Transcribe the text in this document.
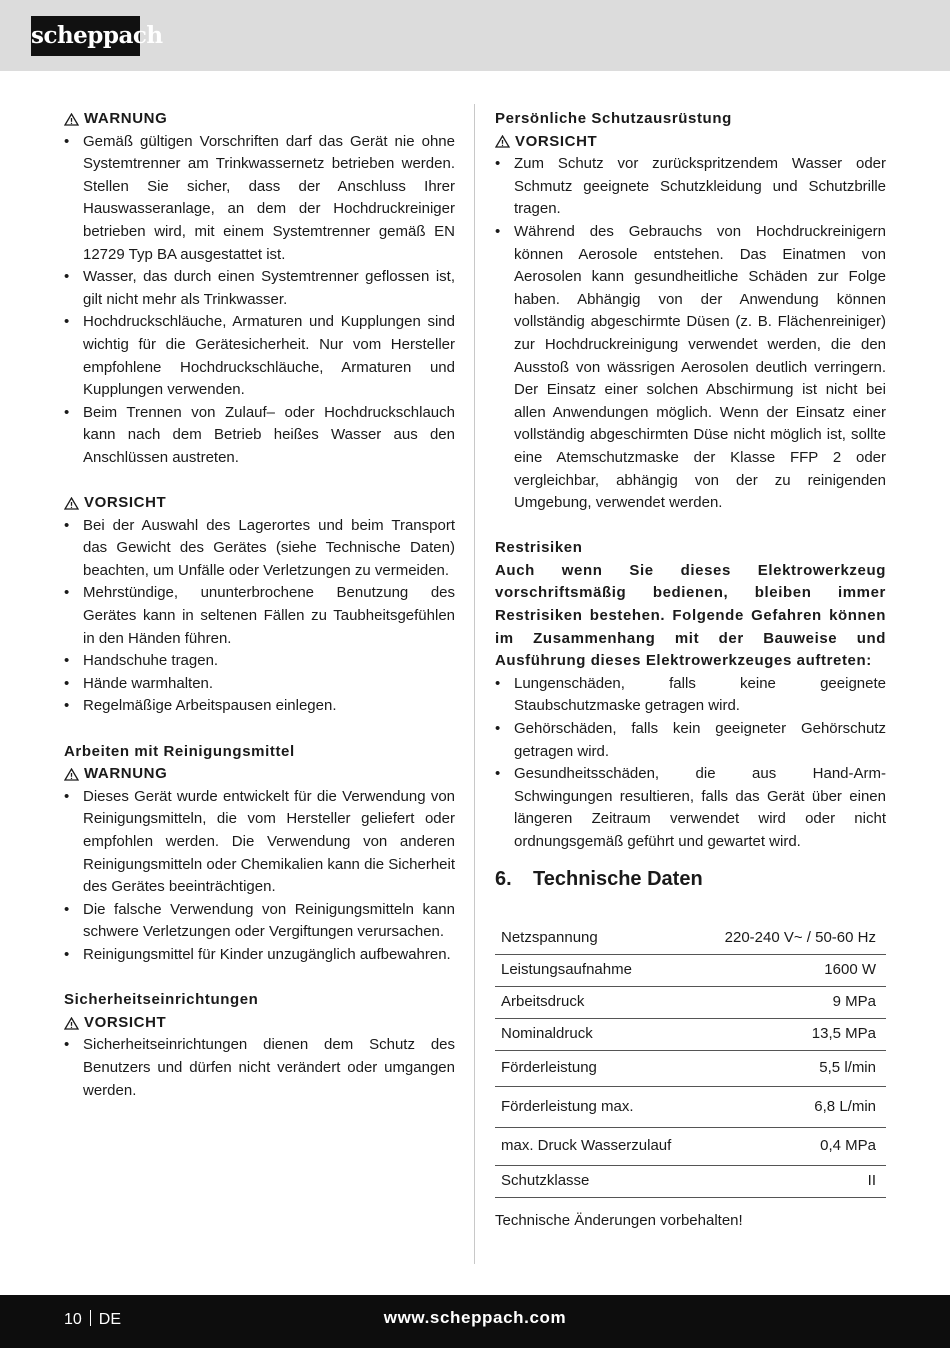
scheppach
WARNUNG
• Gemäß gültigen Vorschriften darf das Gerät nie ohne Systemtrenner am Trinkwassernetz betrieben werden. Stellen Sie sicher, dass der Anschluss Ihrer Hauswasseranlage, an dem der Hochdruckreiniger betrieben wird, mit einem Systemtrenner gemäß EN 12729 Typ BA ausgestattet ist.
• Wasser, das durch einen Systemtrenner geflossen ist, gilt nicht mehr als Trinkwasser.
• Hochdruckschläuche, Armaturen und Kupplungen sind wichtig für die Gerätesicherheit. Nur vom Hersteller empfohlene Hochdruckschläuche, Armaturen und Kupplungen verwenden.
• Beim Trennen von Zulauf– oder Hochdruckschlauch kann nach dem Betrieb heißes Wasser aus den Anschlüssen austreten.
VORSICHT
• Bei der Auswahl des Lagerortes und beim Transport das Gewicht des Gerätes (siehe Technische Daten) beachten, um Unfälle oder Verletzungen zu vermeiden.
• Mehrstündige, ununterbrochene Benutzung des Gerätes kann in seltenen Fällen zu Taubheitsgefühlen in den Händen führen.
• Handschuhe tragen.
• Hände warmhalten.
• Regelmäßige Arbeitspausen einlegen.
Arbeiten mit Reinigungsmittel
WARNUNG
• Dieses Gerät wurde entwickelt für die Verwendung von Reinigungsmitteln, die vom Hersteller geliefert oder empfohlen werden. Die Verwendung von anderen Reinigungsmitteln oder Chemikalien kann die Sicherheit des Gerätes beeinträchtigen.
• Die falsche Verwendung von Reinigungsmitteln kann schwere Verletzungen oder Vergiftungen verursachen.
• Reinigungsmittel für Kinder unzugänglich aufbewahren.
Sicherheitseinrichtungen
VORSICHT
• Sicherheitseinrichtungen dienen dem Schutz des Benutzers und dürfen nicht verändert oder umgangen werden.
Persönliche Schutzausrüstung
VORSICHT
• Zum Schutz vor zurückspritzendem Wasser oder Schmutz geeignete Schutzkleidung und Schutzbrille tragen.
• Während des Gebrauchs von Hochdruckreinigern können Aerosole entstehen. Das Einatmen von Aerosolen kann gesundheitliche Schäden zur Folge haben. Abhängig von der Anwendung können vollständig abgeschirmte Düsen (z. B. Flächenreiniger) zur Hochdruckreinigung verwendet werden, die den Ausstoß von wässrigen Aerosolen deutlich verringern. Der Einsatz einer solchen Abschirmung ist nicht bei allen Anwendungen möglich. Wenn der Einsatz einer vollständig abgeschirmten Düse nicht möglich ist, sollte eine Atemschutzmaske der Klasse FFP 2 oder vergleichbar, abhängig von der zu reinigenden Umgebung, verwendet werden.
Restrisiken
Auch wenn Sie dieses Elektrowerkzeug vorschriftsmäßig bedienen, bleiben immer Restrisiken bestehen. Folgende Gefahren können im Zusammenhang mit der Bauweise und Ausführung dieses Elektrowerkzeuges auftreten:
• Lungenschäden, falls keine geeignete Staubschutzmaske getragen wird.
• Gehörschäden, falls kein geeigneter Gehörschutz getragen wird.
• Gesundheitsschäden, die aus Hand-Arm- Schwingungen resultieren, falls das Gerät über einen längeren Zeitraum verwendet wird oder nicht ordnungsgemäß geführt und gewartet wird.
6.	Technische Daten
Netzspannung	220-240 V~ / 50-60 Hz
Leistungsaufnahme	1600 W
Arbeitsdruck	9 MPa
Nominaldruck	13,5 MPa
Förderleistung	5,5 l/min
Förderleistung max.	6,8 L/min
max. Druck Wasserzulauf	0,4 MPa
Schutzklasse	II
Technische Änderungen vorbehalten!
10 DE	www.scheppach.com
